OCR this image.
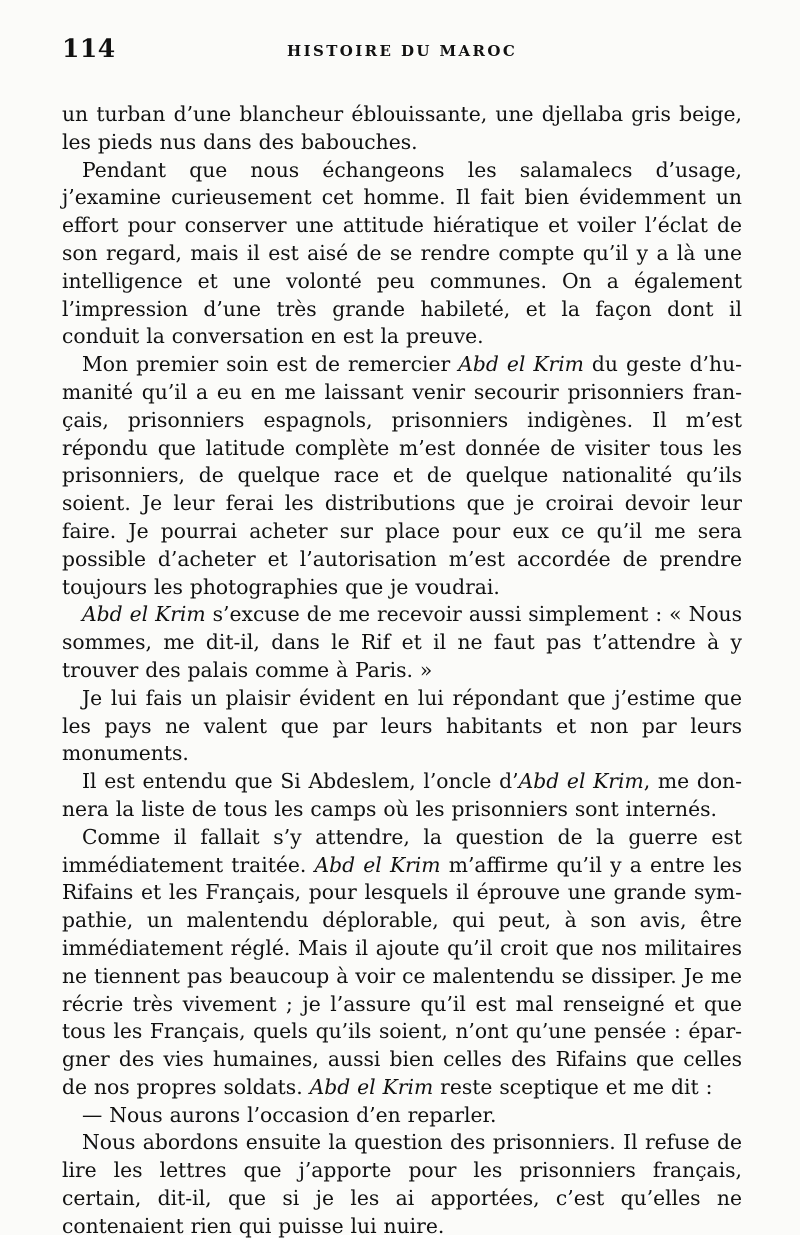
114	HISTOIRE DU MAROC

un turban d’une blancheur éblouissante, une djellaba gris beige, les pieds nus dans des babouches.

Pendant que nous échangeons les salamalecs d’usage, j’examine curieusement cet homme. Il fait bien évidemment un effort pour conserver une attitude hiératique et voiler l’éclat de son regard, mais il est aisé de se rendre compte qu’il y a là une intelligence et une volonté peu communes. On a également l’impression d’une très grande habileté, et la façon dont il conduit la conversation en est la preuve.

Mon premier soin est de remercier Abd el Krim du geste d’humanité qu’il a eu en me laissant venir secourir prisonniers français, prisonniers espagnols, prisonniers indigènes. Il m’est répondu que latitude complète m’est donnée de visiter tous les prisonniers, de quelque race et de quelque nationalité qu’ils soient. Je leur ferai les distributions que je croirai devoir leur faire. Je pourrai acheter sur place pour eux ce qu’il me sera possible d’acheter et l’autorisation m’est accordée de prendre toujours les photographies que je voudrai.

Abd el Krim s’excuse de me recevoir aussi simplement : « Nous sommes, me dit-il, dans le Rif et il ne faut pas t’attendre à y trouver des palais comme à Paris. »

Je lui fais un plaisir évident en lui répondant que j’estime que les pays ne valent que par leurs habitants et non par leurs monuments.

Il est entendu que Si Abdeslem, l’oncle d’Abd el Krim, me donnera la liste de tous les camps où les prisonniers sont internés.

Comme il fallait s’y attendre, la question de la guerre est immédiatement traitée. Abd el Krim m’affirme qu’il y a entre les Rifains et les Français, pour lesquels il éprouve une grande sympathie, un malentendu déplorable, qui peut, à son avis, être immédiatement réglé. Mais il ajoute qu’il croit que nos militaires ne tiennent pas beaucoup à voir ce malentendu se dissiper. Je me récrie très vivement ; je l’assure qu’il est mal renseigné et que tous les Français, quels qu’ils soient, n’ont qu’une pensée : épargner des vies humaines, aussi bien celles des Rifains que celles de nos propres soldats. Abd el Krim reste sceptique et me dit :

— Nous aurons l’occasion d’en reparler.

Nous abordons ensuite la question des prisonniers. Il refuse de lire les lettres que j’apporte pour les prisonniers français, certain, dit-il, que si je les ai apportées, c’est qu’elles ne contenaient rien qui puisse lui nuire.
